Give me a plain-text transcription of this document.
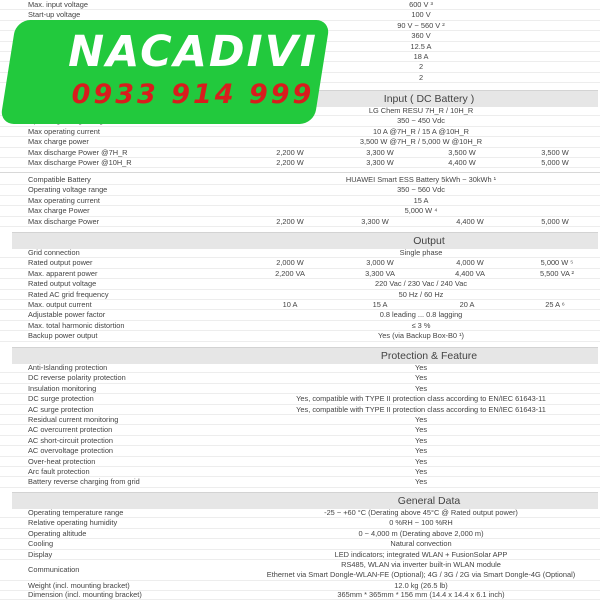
Max. input voltage	600 V ³
Start-up voltage	100 V
90 V ~ 560 V ²
360 V
12.5 A
18 A
2
2
Input ( DC Battery )
LG Chem RESU 7H_R / 10H_R
350 ~ 450 Vdc
Max operating current	10 A @7H_R / 15 A @10H_R
Max charge power	3,500 W @7H_R / 5,000 W @10H_R
Max discharge Power @7H_R	2,200 W	3,300 W	3,500 W	3,500 W
Max discharge Power @10H_R	2,200 W	3,300 W	4,400 W	5,000 W
Compatible Battery	HUAWEI Smart ESS Battery 5kWh ~ 30kWh ¹
Operating voltage range	350 ~ 560 Vdc
Max operating current	15 A
Max charge Power	5,000 W ⁴
Max discharge Power	2,200 W	3,300 W	4,400 W	5,000 W
Output
Grid connection	Single phase
Rated output power	2,000 W	3,000 W	4,000 W	5,000 W ⁵
Max. apparent power	2,200 VA	3,300 VA	4,400 VA	5,500 VA ²
Rated output voltage	220 Vac / 230 Vac / 240 Vac
Rated AC grid frequency	50 Hz / 60 Hz
Max. output current	10 A	15 A	20 A	25 A ⁶
Adjustable power factor	0.8 leading ... 0.8 lagging
Max. total harmonic distortion	≤ 3 %
Backup power output	Yes (via Backup Box-B0 ¹)
Protection & Feature
Anti-Islanding protection	Yes
DC reverse polarity protection	Yes
Insulation monitoring	Yes
DC surge protection	Yes, compatible with TYPE II protection class according to EN/IEC 61643-11
AC surge protection	Yes, compatible with TYPE II protection class according to EN/IEC 61643-11
Residual current monitoring	Yes
AC overcurrent protection	Yes
AC short-circuit protection	Yes
AC overvoltage protection	Yes
Over-heat protection	Yes
Arc fault protection	Yes
Battery reverse charging from grid	Yes
General Data
Operating temperature range	-25 ~ +60 °C (Derating above 45°C @ Rated output power)
Relative operating humidity	0 %RH ~ 100 %RH
Operating altitude	0 ~ 4,000 m (Derating above 2,000 m)
Cooling	Natural convection
Display	LED indicators; integrated WLAN + FusionSolar APP
Communication
RS485, WLAN via inverter built-in WLAN module
Ethernet via Smart Dongle-WLAN-FE (Optional); 4G / 3G / 2G via Smart Dongle-4G (Optional)
Weight (incl. mounting bracket)	12.0 kg (26.5 lb)
Dimension (incl. mounting bracket)	365mm * 365mm * 156 mm (14.4 x 14.4 x 6.1 inch)
NACADIVI
0933 914 999
